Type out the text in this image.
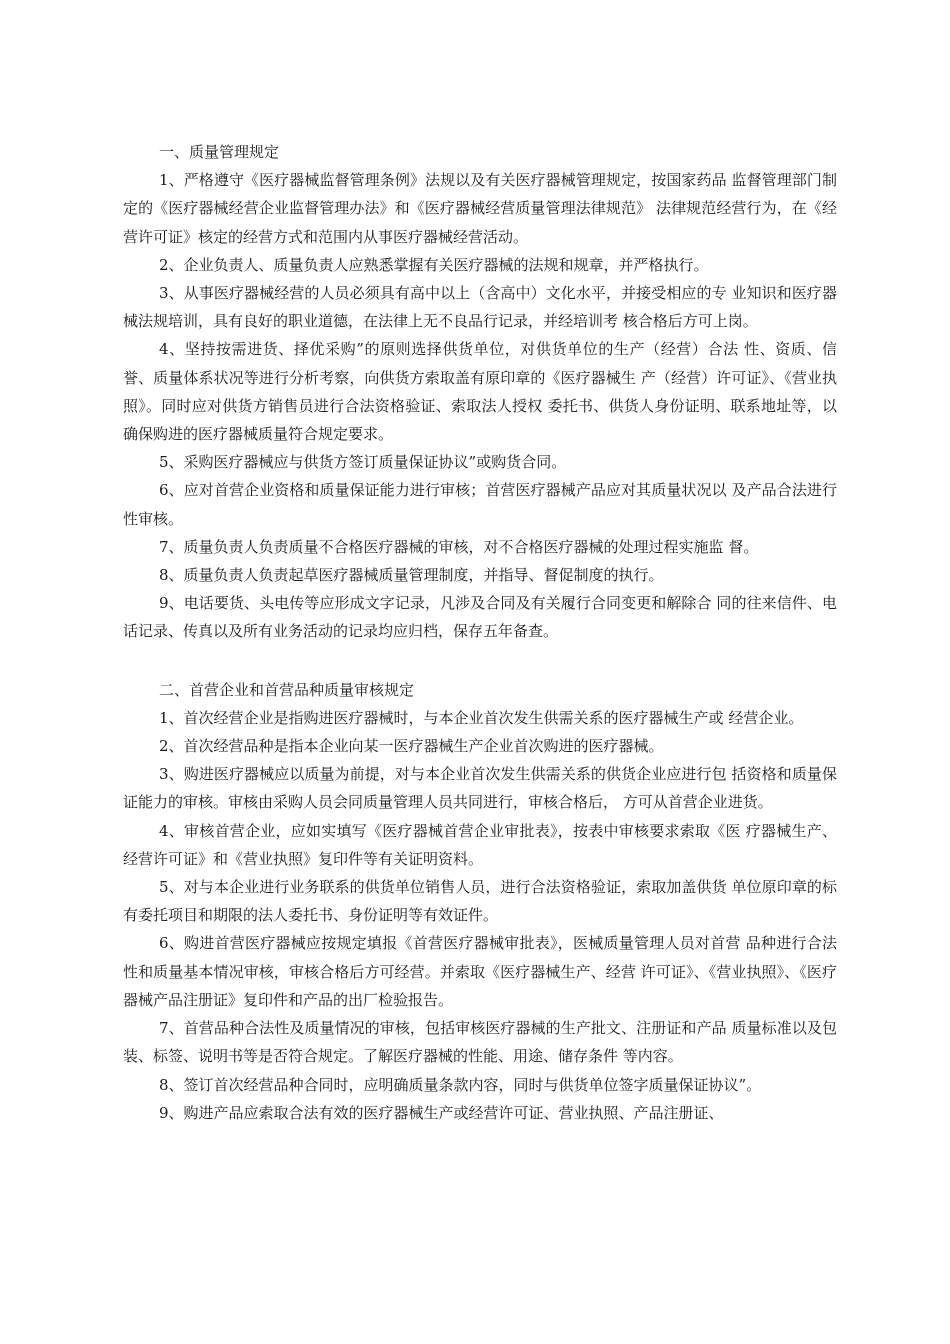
一、质量管理规定

1、严格遵守《医疗器械监督管理条例》法规以及有关医疗器械管理规定，按国家药品 监督管理部门制定的《医疗器械经营企业监督管理办法》和《医疗器械经营质量管理法律规范》 法律规范经营行为，在《经营许可证》核定的经营方式和范围内从事医疗器械经营活动。

2、企业负责人、质量负责人应熟悉掌握有关医疗器械的法规和规章，并严格执行。

3、从事医疗器械经营的人员必须具有高中以上（含高中）文化水平，并接受相应的专 业知识和医疗器械法规培训，具有良好的职业道德，在法律上无不良品行记录，并经培训考 核合格后方可上岗。

4、坚持按需进货、择优采购”的原则选择供货单位，对供货单位的生产（经营）合法 性、资质、信誉、质量体系状况等进行分析考察，向供货方索取盖有原印章的《医疗器械生 产（经营）许可证》、《营业执照》。同时应对供货方销售员进行合法资格验证、索取法人授权 委托书、供货人身份证明、联系地址等，以确保购进的医疗器械质量符合规定要求。

5、采购医疗器械应与供货方签订质量保证协议”或购货合同。

6、应对首营企业资格和质量保证能力进行审核；首营医疗器械产品应对其质量状况以 及产品合法进行性审核。

7、质量负责人负责质量不合格医疗器械的审核，对不合格医疗器械的处理过程实施监 督。

8、质量负责人负责起草医疗器械质量管理制度，并指导、督促制度的执行。

9、电话要货、头电传等应形成文字记录，凡涉及合同及有关履行合同变更和解除合 同的往来信件、电话记录、传真以及所有业务活动的记录均应归档，保存五年备查。

二、首营企业和首营品种质量审核规定

1、首次经营企业是指购进医疗器械时，与本企业首次发生供需关系的医疗器械生产或 经营企业。

2、首次经营品种是指本企业向某一医疗器械生产企业首次购进的医疗器械。

3、购进医疗器械应以质量为前提，对与本企业首次发生供需关系的供货企业应进行包 括资格和质量保证能力的审核。审核由采购人员会同质量管理人员共同进行，审核合格后， 方可从首营企业进货。

4、审核首营企业，应如实填写《医疗器械首营企业审批表》，按表中审核要求索取《医 疗器械生产、经营许可证》和《营业执照》复印件等有关证明资料。

5、对与本企业进行业务联系的供货单位销售人员，进行合法资格验证，索取加盖供货 单位原印章的标有委托项目和期限的法人委托书、身份证明等有效证件。

6、购进首营医疗器械应按规定填报《首营医疗器械审批表》，医械质量管理人员对首营 品种进行合法性和质量基本情况审核，审核合格后方可经营。并索取《医疗器械生产、经营 许可证》、《营业执照》、《医疗器械产品注册证》复印件和产品的出厂检验报告。

7、首营品种合法性及质量情况的审核，包括审核医疗器械的生产批文、注册证和产品 质量标准以及包装、标签、说明书等是否符合规定。了解医疗器械的性能、用途、储存条件 等内容。

8、签订首次经营品种合同时，应明确质量条款内容，同时与供货单位签字质量保证协议”。

9、购进产品应索取合法有效的医疗器械生产或经营许可证、营业执照、产品注册证、
